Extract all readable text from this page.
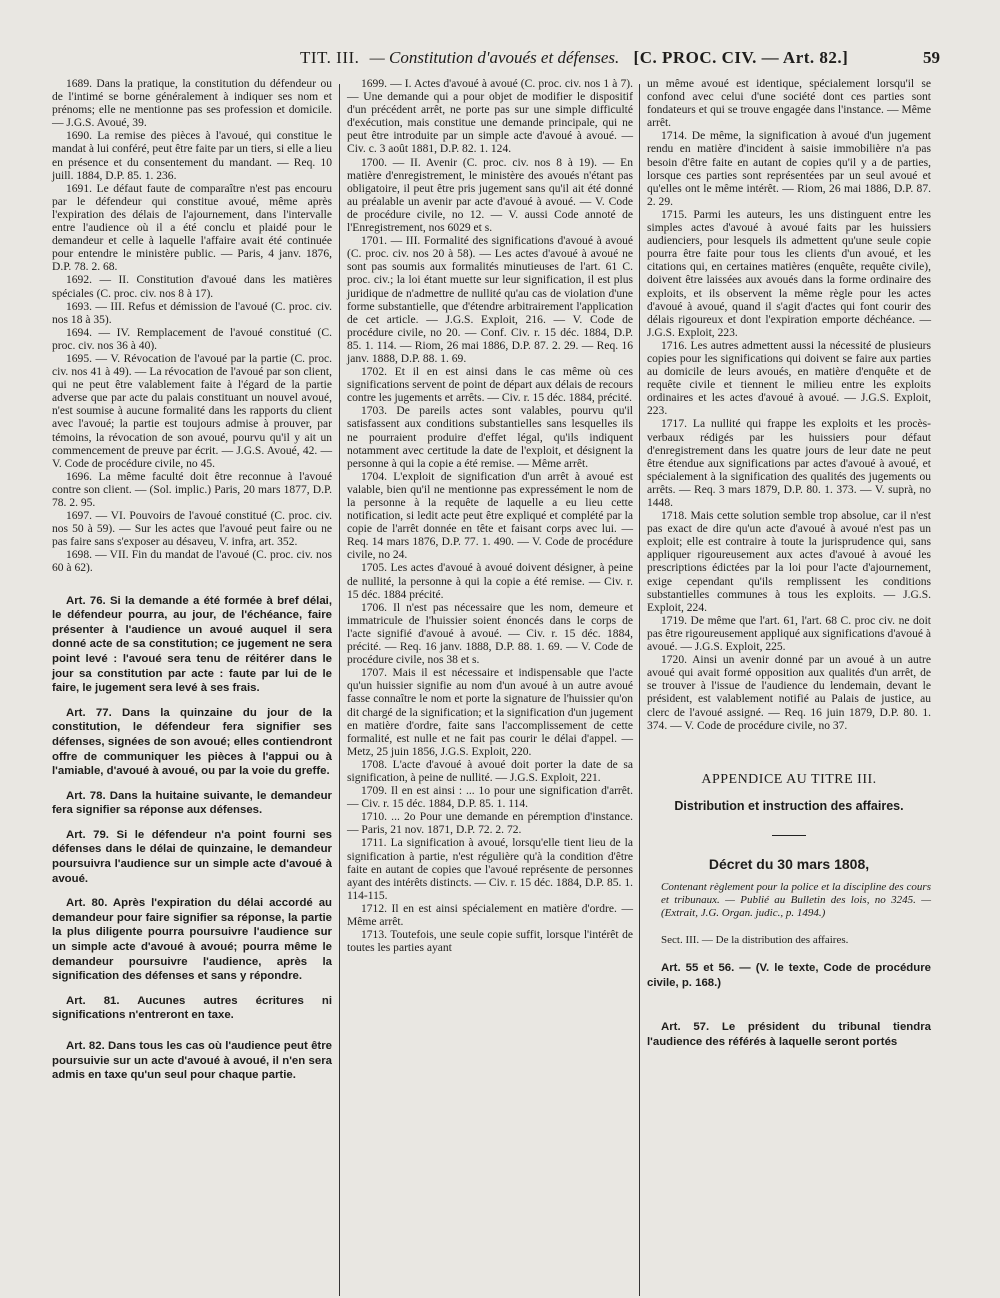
TIT. III. — Constitution d'avoués et défenses. [C. PROC. CIV. — Art. 82.]	59

1689. Dans la pratique, la constitution du défendeur ou de l'intimé se borne généralement à indiquer ses nom et prénoms; elle ne mentionne pas ses profession et domicile. — J.G.S. Avoué, 39.

1690. La remise des pièces à l'avoué, qui constitue le mandat à lui conféré, peut être faite par un tiers, si elle a lieu en présence et du consentement du mandant. — Req. 10 juill. 1884, D.P. 85. 1. 236.

1691. Le défaut faute de comparaître n'est pas encouru par le défendeur qui constitue avoué, même après l'expiration des délais de l'ajournement, dans l'intervalle entre l'audience où il a été conclu et plaidé pour le demandeur et celle à laquelle l'affaire avait été continuée pour entendre le ministère public. — Paris, 4 janv. 1876, D.P. 78. 2. 68.

1692. — II. Constitution d'avoué dans les matières spéciales (C. proc. civ. nos 8 à 17).

1693. — III. Refus et démission de l'avoué (C. proc. civ. nos 18 à 35).

1694. — IV. Remplacement de l'avoué constitué (C. proc. civ. nos 36 à 40).

1695. — V. Révocation de l'avoué par la partie (C. proc. civ. nos 41 à 49). — La révocation de l'avoué par son client, qui ne peut être valablement faite à l'égard de la partie adverse que par acte du palais constituant un nouvel avoué, n'est soumise à aucune formalité dans les rapports du client avec l'avoué; la partie est toujours admise à prouver, par témoins, la révocation de son avoué, pourvu qu'il y ait un commencement de preuve par écrit. — J.G.S. Avoué, 42. — V. Code de procédure civile, no 45.

1696. La même faculté doit être reconnue à l'avoué contre son client. — (Sol. implic.) Paris, 20 mars 1877, D.P. 78. 2. 95.

1697. — VI. Pouvoirs de l'avoué constitué (C. proc. civ. nos 50 à 59). — Sur les actes que l'avoué peut faire ou ne pas faire sans s'exposer au désaveu, V. infra, art. 352.

1698. — VII. Fin du mandat de l'avoué (C. proc. civ. nos 60 à 62).

Art. 76. Si la demande a été formée à bref délai, le défendeur pourra, au jour, de l'échéance, faire présenter à l'audience un avoué auquel il sera donné acte de sa constitution; ce jugement ne sera point levé : l'avoué sera tenu de réitérer dans le jour sa constitution par acte : faute par lui de le faire, le jugement sera levé à ses frais.

Art. 77. Dans la quinzaine du jour de la constitution, le défendeur fera signifier ses défenses, signées de son avoué; elles contiendront offre de communiquer les pièces à l'appui ou à l'amiable, d'avoué à avoué, ou par la voie du greffe.

Art. 78. Dans la huitaine suivante, le demandeur fera signifier sa réponse aux défenses.

Art. 79. Si le défendeur n'a point fourni ses défenses dans le délai de quinzaine, le demandeur poursuivra l'audience sur un simple acte d'avoué à avoué.

Art. 80. Après l'expiration du délai accordé au demandeur pour faire signifier sa réponse, la partie la plus diligente pourra poursuivre l'audience sur un simple acte d'avoué à avoué; pourra même le demandeur poursuivre l'audience, après la signification des défenses et sans y répondre.

Art. 81. Aucunes autres écritures ni significations n'entreront en taxe.

Art. 82. Dans tous les cas où l'audience peut être poursuivie sur un acte d'avoué à avoué, il n'en sera admis en taxe qu'un seul pour chaque partie.

1699. — I. Actes d'avoué à avoué (C. proc. civ. nos 1 à 7). — Une demande qui a pour objet de modifier le dispositif d'un précédent arrêt, ne porte pas sur une simple difficulté d'exécution, mais constitue une demande principale, qui ne peut être introduite par un simple acte d'avoué à avoué. — Civ. c. 3 août 1881, D.P. 82. 1. 124.

1700. — II. Avenir (C. proc. civ. nos 8 à 19). — En matière d'enregistrement, le ministère des avoués n'étant pas obligatoire, il peut être pris jugement sans qu'il ait été donné au préalable un avenir par acte d'avoué à avoué. — V. Code de procédure civile, no 12. — V. aussi Code annoté de l'Enregistrement, nos 6029 et s.

1701. — III. Formalité des significations d'avoué à avoué (C. proc. civ. nos 20 à 58). — Les actes d'avoué à avoué ne sont pas soumis aux formalités minutieuses de l'art. 61 C. proc. civ.; la loi étant muette sur leur signification, il est plus juridique de n'admettre de nullité qu'au cas de violation d'une forme substantielle, que d'étendre arbitrairement l'application de cet article. — J.G.S. Exploit, 216. — V. Code de procédure civile, no 20. — Conf. Civ. r. 15 déc. 1884, D.P. 85. 1. 114. — Riom, 26 mai 1886, D.P. 87. 2. 29. — Req. 16 janv. 1888, D.P. 88. 1. 69.

1702. Et il en est ainsi dans le cas même où ces significations servent de point de départ aux délais de recours contre les jugements et arrêts. — Civ. r. 15 déc. 1884, précité.

1703. De pareils actes sont valables, pourvu qu'il satisfassent aux conditions substantielles sans lesquelles ils ne pourraient produire d'effet légal, qu'ils indiquent notamment avec certitude la date de l'exploit, et désignent la personne à qui la copie a été remise. — Même arrêt.

1704. L'exploit de signification d'un arrêt à avoué est valable, bien qu'il ne mentionne pas expressément le nom de la personne à la requête de laquelle a eu lieu cette notification, si ledit acte peut être expliqué et complété par la copie de l'arrêt donnée en tête et faisant corps avec lui. — Req. 14 mars 1876, D.P. 77. 1. 490. — V. Code de procédure civile, no 24.

1705. Les actes d'avoué à avoué doivent désigner, à peine de nullité, la personne à qui la copie a été remise. — Civ. r. 15 déc. 1884 précité.

1706. Il n'est pas nécessaire que les nom, demeure et immatricule de l'huissier soient énoncés dans le corps de l'acte signifié d'avoué à avoué. — Civ. r. 15 déc. 1884, précité. — Req. 16 janv. 1888, D.P. 88. 1. 69. — V. Code de procédure civile, nos 38 et s.

1707. Mais il est nécessaire et indispensable que l'acte qu'un huissier signifie au nom d'un avoué à un autre avoué fasse connaître le nom et porte la signature de l'huissier qu'on dit chargé de la signification; et la signification d'un jugement en matière d'ordre, faite sans l'accomplissement de cette formalité, est nulle et ne fait pas courir le délai d'appel. — Metz, 25 juin 1856, J.G.S. Exploit, 220.

1708. L'acte d'avoué à avoué doit porter la date de sa signification, à peine de nullité. — J.G.S. Exploit, 221.

1709. Il en est ainsi : ... 1o pour une signification d'arrêt. — Civ. r. 15 déc. 1884, D.P. 85. 1. 114.

1710. ... 2o Pour une demande en péremption d'instance. — Paris, 21 nov. 1871, D.P. 72. 2. 72.

1711. La signification à avoué, lorsqu'elle tient lieu de la signification à partie, n'est régulière qu'à la condition d'être faite en autant de copies que l'avoué représente de personnes ayant des intérêts distincts. — Civ. r. 15 déc. 1884, D.P. 85. 1. 114-115.

1712. Il en est ainsi spécialement en matière d'ordre. — Même arrêt.

1713. Toutefois, une seule copie suffit, lorsque l'intérêt de toutes les parties ayant

un même avoué est identique, spécialement lorsqu'il se confond avec celui d'une société dont ces parties sont fondateurs et qui se trouve engagée dans l'instance. — Même arrêt.

1714. De même, la signification à avoué d'un jugement rendu en matière d'incident à saisie immobilière n'a pas besoin d'être faite en autant de copies qu'il y a de parties, lorsque ces parties sont représentées par un seul avoué et qu'elles ont le même intérêt. — Riom, 26 mai 1886, D.P. 87. 2. 29.

1715. Parmi les auteurs, les uns distinguent entre les simples actes d'avoué à avoué faits par les huissiers audienciers, pour lesquels ils admettent qu'une seule copie pourra être faite pour tous les clients d'un avoué, et les citations qui, en certaines matières (enquête, requête civile), doivent être laissées aux avoués dans la forme ordinaire des exploits, et ils observent la même règle pour les actes d'avoué à avoué, quand il s'agit d'actes qui font courir des délais rigoureux et dont l'expiration emporte déchéance. — J.G.S. Exploit, 223.

1716. Les autres admettent aussi la nécessité de plusieurs copies pour les significations qui doivent se faire aux parties au domicile de leurs avoués, en matière d'enquête et de requête civile et tiennent le milieu entre les exploits ordinaires et les actes d'avoué à avoué. — J.G.S. Exploit, 223.

1717. La nullité qui frappe les exploits et les procès-verbaux rédigés par les huissiers pour défaut d'enregistrement dans les quatre jours de leur date ne peut être étendue aux significations par actes d'avoué à avoué, et spécialement à la signification des qualités des jugements ou arrêts. — Req. 3 mars 1879, D.P. 80. 1. 373. — V. suprà, no 1448.

1718. Mais cette solution semble trop absolue, car il n'est pas exact de dire qu'un acte d'avoué à avoué n'est pas un exploit; elle est contraire à toute la jurisprudence qui, sans appliquer rigoureusement aux actes d'avoué à avoué les prescriptions édictées par la loi pour l'acte d'ajournement, exige cependant qu'ils remplissent les conditions substantielles communes à tous les exploits. — J.G.S. Exploit, 224.

1719. De même que l'art. 61, l'art. 68 C. proc civ. ne doit pas être rigoureusement appliqué aux significations d'avoué à avoué. — J.G.S. Exploit, 225.

1720. Ainsi un avenir donné par un avoué à un autre avoué qui avait formé opposition aux qualités d'un arrêt, de se trouver à l'issue de l'audience du lendemain, devant le président, est valablement notifié au Palais de justice, au clerc de l'avoué assigné. — Req. 16 juin 1879, D.P. 80. 1. 374. — V. Code de procédure civile, no 37.

APPENDICE AU TITRE III.

Distribution et instruction des affaires.

Décret du 30 mars 1808,

Contenant règlement pour la police et la discipline des cours et tribunaux. — Publié au Bulletin des lois, no 3245. — (Extrait, J.G. Organ. judic., p. 1494.)

Sect. III. — De la distribution des affaires.

Art. 55 et 56. — (V. le texte, Code de procédure civile, p. 168.)

Art. 57. Le président du tribunal tiendra l'audience des référés à laquelle seront portés
